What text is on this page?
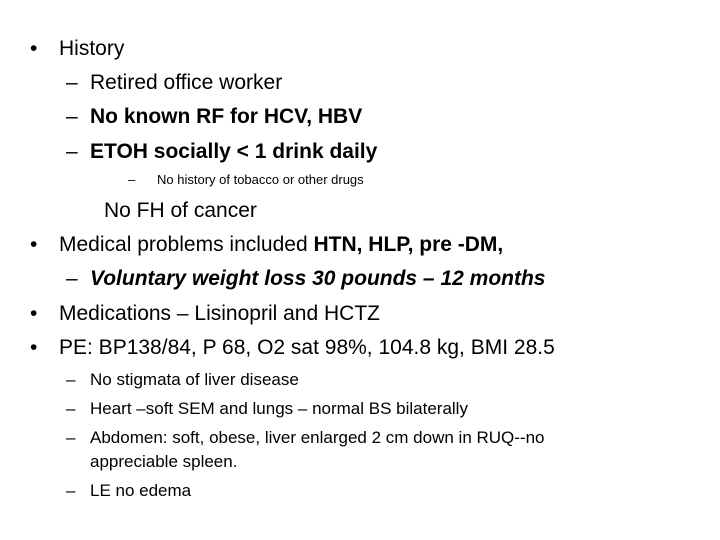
• History
– Retired office worker
– No known RF for HCV, HBV
– ETOH socially < 1 drink daily
– No history of tobacco or other drugs
No FH of cancer
• Medical problems included HTN, HLP, pre -DM,
– Voluntary weight loss 30 pounds – 12 months
• Medications – Lisinopril and HCTZ
• PE: BP138/84, P 68, O2 sat 98%, 104.8 kg, BMI 28.5
– No stigmata of liver disease
– Heart –soft SEM and lungs – normal BS bilaterally
– Abdomen: soft, obese, liver enlarged 2 cm down in RUQ--no
appreciable spleen.
– LE no edema
